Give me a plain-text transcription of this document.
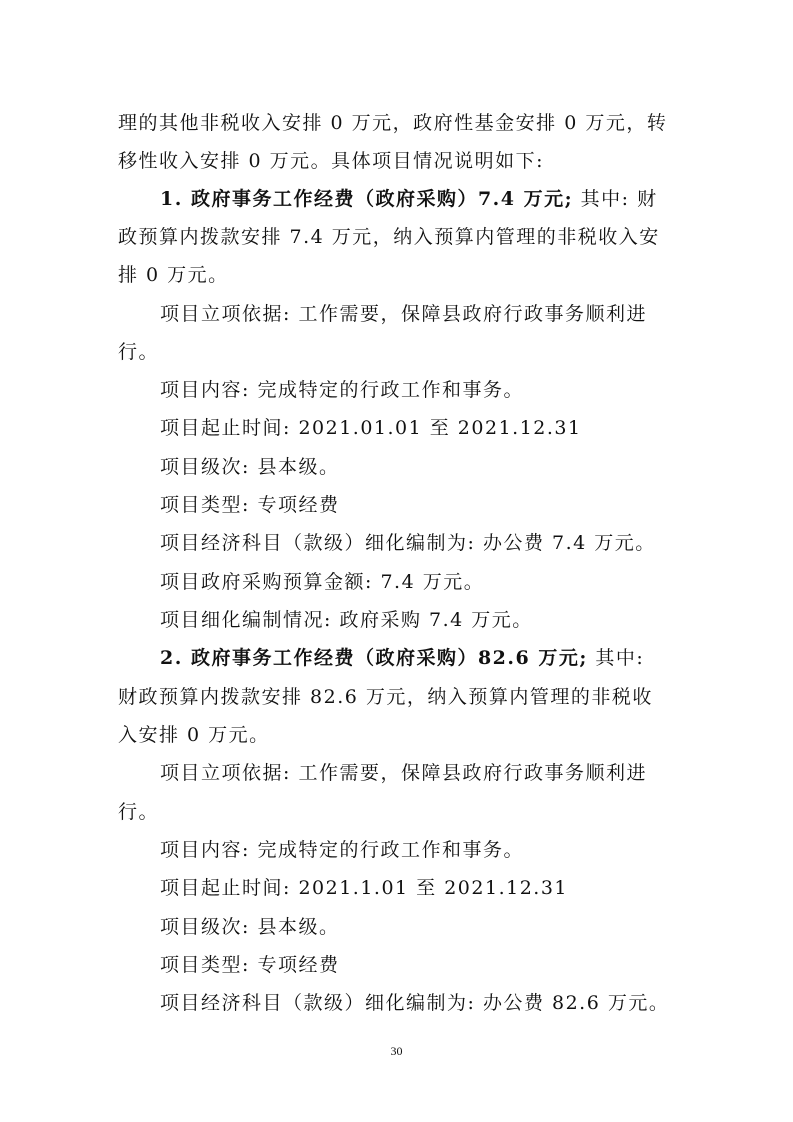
理的其他非税收入安排 0 万元，政府性基金安排 0 万元，转
移性收入安排 0 万元。具体项目情况说明如下:
1. 政府事务工作经费（政府采购）7.4 万元; 其中: 财
政预算内拨款安排 7.4 万元，纳入预算内管理的非税收入安
排 0 万元。
项目立项依据: 工作需要，保障县政府行政事务顺利进
行。
项目内容: 完成特定的行政工作和事务。
项目起止时间: 2021.01.01 至 2021.12.31
项目级次: 县本级。
项目类型: 专项经费
项目经济科目（款级）细化编制为: 办公费 7.4 万元。
项目政府采购预算金额: 7.4 万元。
项目细化编制情况: 政府采购 7.4 万元。
2. 政府事务工作经费（政府采购）82.6 万元; 其中:
财政预算内拨款安排 82.6 万元，纳入预算内管理的非税收
入安排 0 万元。
项目立项依据: 工作需要，保障县政府行政事务顺利进
行。
项目内容: 完成特定的行政工作和事务。
项目起止时间: 2021.1.01 至 2021.12.31
项目级次: 县本级。
项目类型: 专项经费
项目经济科目（款级）细化编制为: 办公费 82.6 万元。
30
